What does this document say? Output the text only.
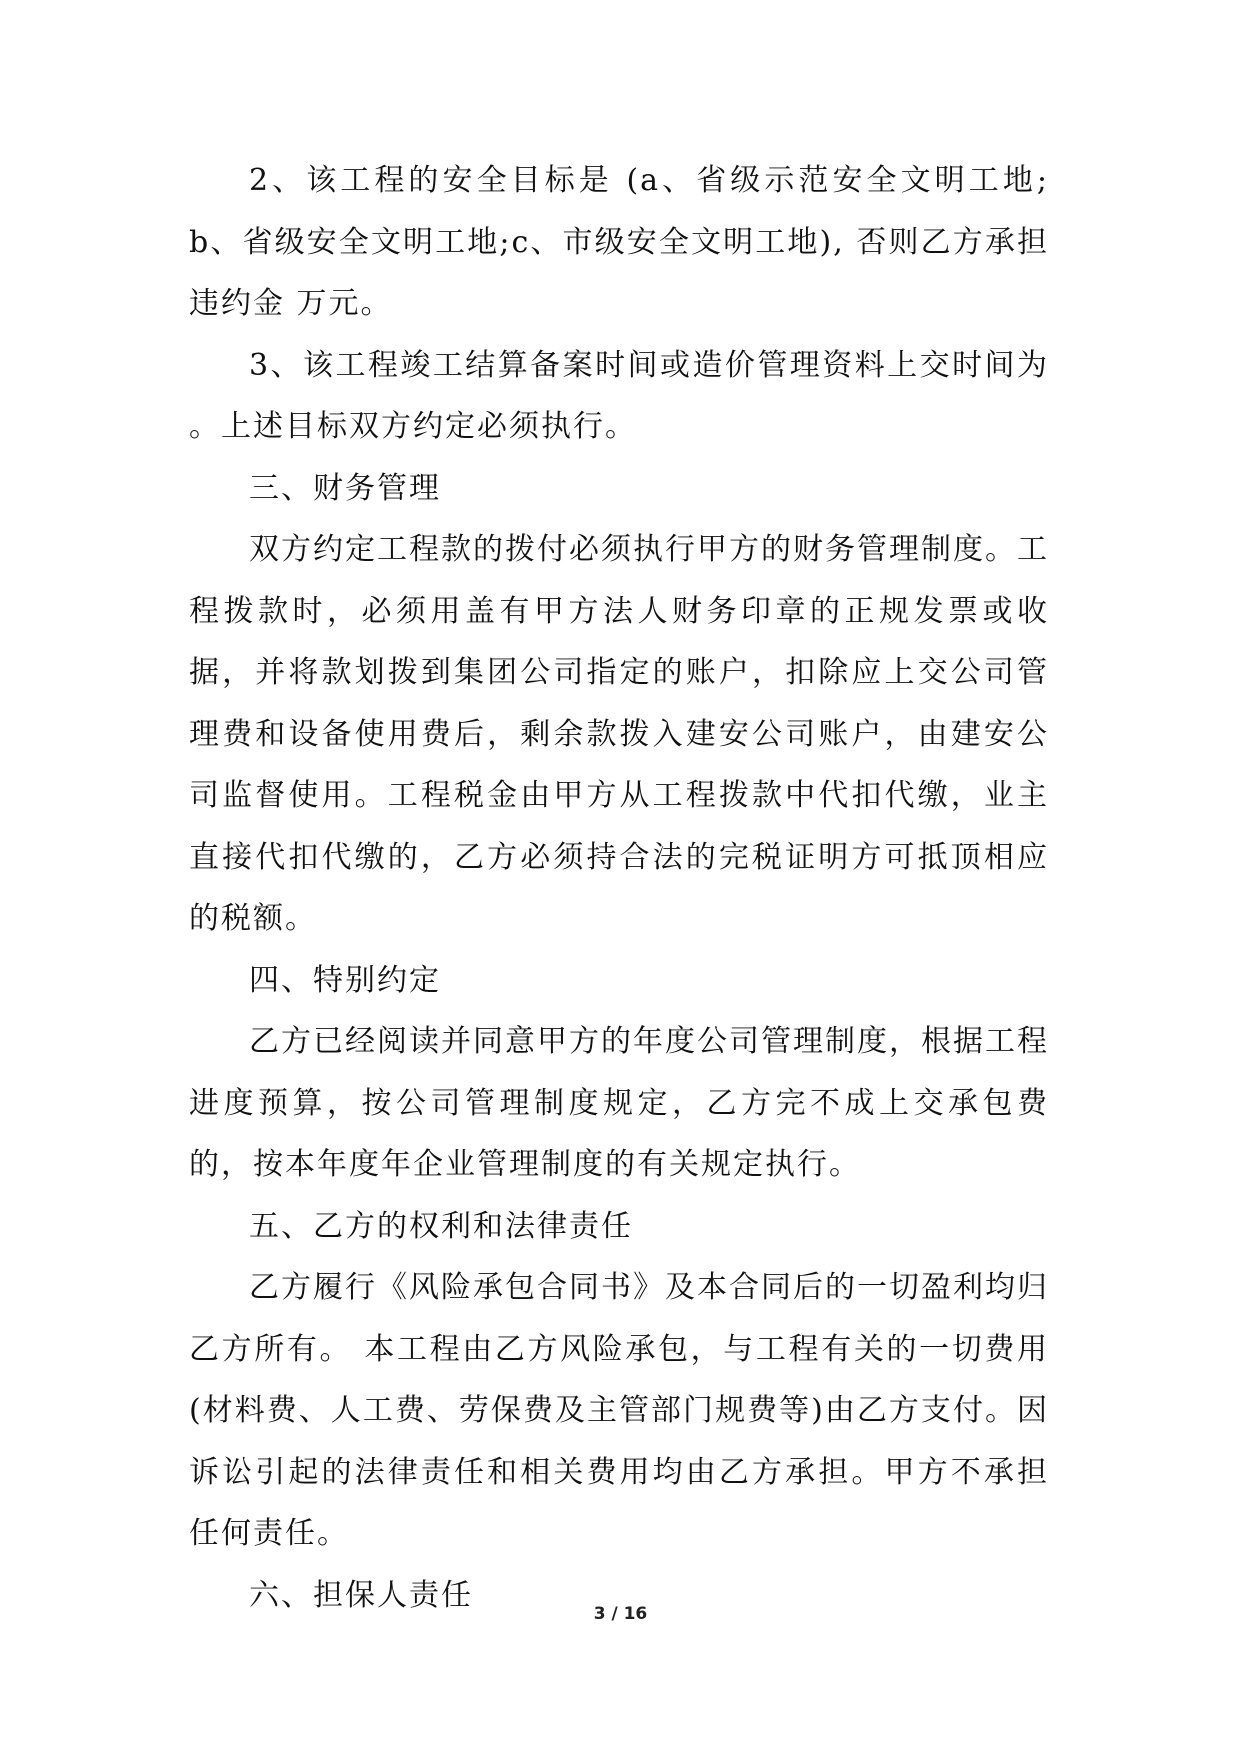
2、该工程的安全目标是 (a、省级示范安全文明工地;b、省级安全文明工地;c、市级安全文明工地), 否则乙方承担违约金 万元。

3、该工程竣工结算备案时间或造价管理资料上交时间为 。上述目标双方约定必须执行。

三、财务管理

双方约定工程款的拨付必须执行甲方的财务管理制度。工程拨款时，必须用盖有甲方法人财务印章的正规发票或收据，并将款划拨到集团公司指定的账户，扣除应上交公司管理费和设备使用费后，剩余款拨入建安公司账户，由建安公司监督使用。工程税金由甲方从工程拨款中代扣代缴，业主直接代扣代缴的，乙方必须持合法的完税证明方可抵顶相应的税额。

四、特别约定

乙方已经阅读并同意甲方的年度公司管理制度，根据工程进度预算，按公司管理制度规定，乙方完不成上交承包费的，按本年度年企业管理制度的有关规定执行。

五、乙方的权利和法律责任

乙方履行《风险承包合同书》及本合同后的一切盈利均归乙方所有。 本工程由乙方风险承包，与工程有关的一切费用(材料费、人工费、劳保费及主管部门规费等)由乙方支付。因诉讼引起的法律责任和相关费用均由乙方承担。甲方不承担任何责任。

六、担保人责任

3 / 16
